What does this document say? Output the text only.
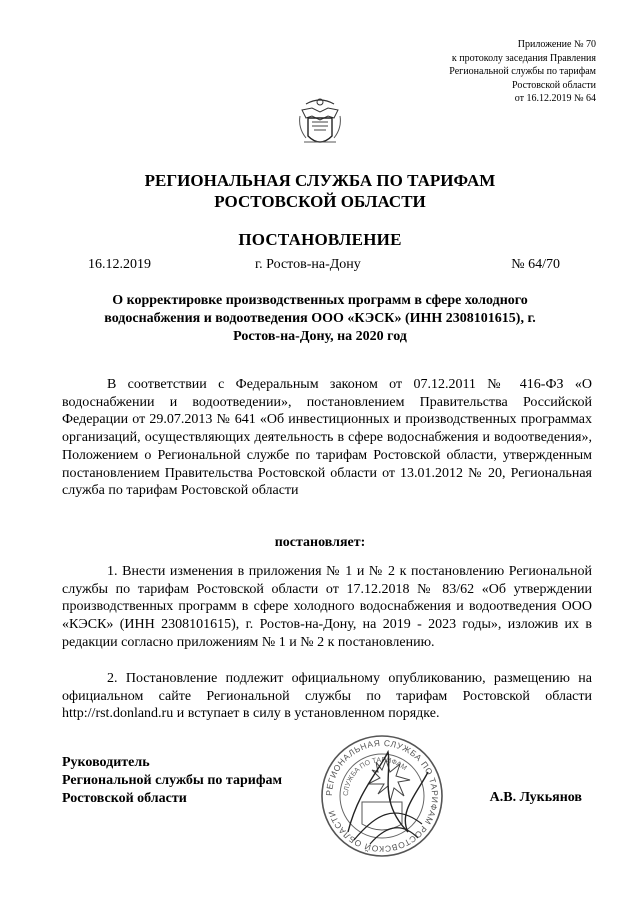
Приложение № 70
к протоколу заседания Правления
Региональной службы по тарифам
Ростовской области
от 16.12.2019 № 64
РЕГИОНАЛЬНАЯ СЛУЖБА ПО ТАРИФАМ
РОСТОВСКОЙ ОБЛАСТИ
ПОСТАНОВЛЕНИЕ
16.12.2019	г. Ростов-на-Дону	№ 64/70
О корректировке производственных программ в сфере холодного водоснабжения и водоотведения ООО «КЭСК» (ИНН 2308101615), г. Ростов-на-Дону, на 2020 год
В соответствии с Федеральным законом от 07.12.2011 № 416-ФЗ «О водоснабжении и водоотведении», постановлением Правительства Российской Федерации от 29.07.2013 № 641 «Об инвестиционных и производственных программах организаций, осуществляющих деятельность в сфере водоснабжения и водоотведения», Положением о Региональной службе по тарифам Ростовской области, утвержденным постановлением Правительства Ростовской области от 13.01.2012 № 20, Региональная служба по тарифам Ростовской области
постановляет:
1. Внести изменения в приложения № 1 и № 2 к постановлению Региональной службы по тарифам Ростовской области от 17.12.2018 № 83/62 «Об утверждении производственных программ в сфере холодного водоснабжения и водоотведения ООО «КЭСК» (ИНН 2308101615), г. Ростов-на-Дону, на 2019 - 2023 годы», изложив их в редакции согласно приложениям № 1 и № 2 к постановлению.
2. Постановление подлежит официальному опубликованию, размещению на официальном сайте Региональной службы по тарифам Ростовской области http://rst.donland.ru и вступает в силу в установленном порядке.
Руководитель
Региональной службы по тарифам
Ростовской области	РЕГИОНАЛЬНАЯ СЛУЖБА ПО ТАРИФАМ РОСТОВСКОЙ ОБЛАСТИ
СЛУЖБА ПО ТАРИФАМ
А.В. Лукьянов
